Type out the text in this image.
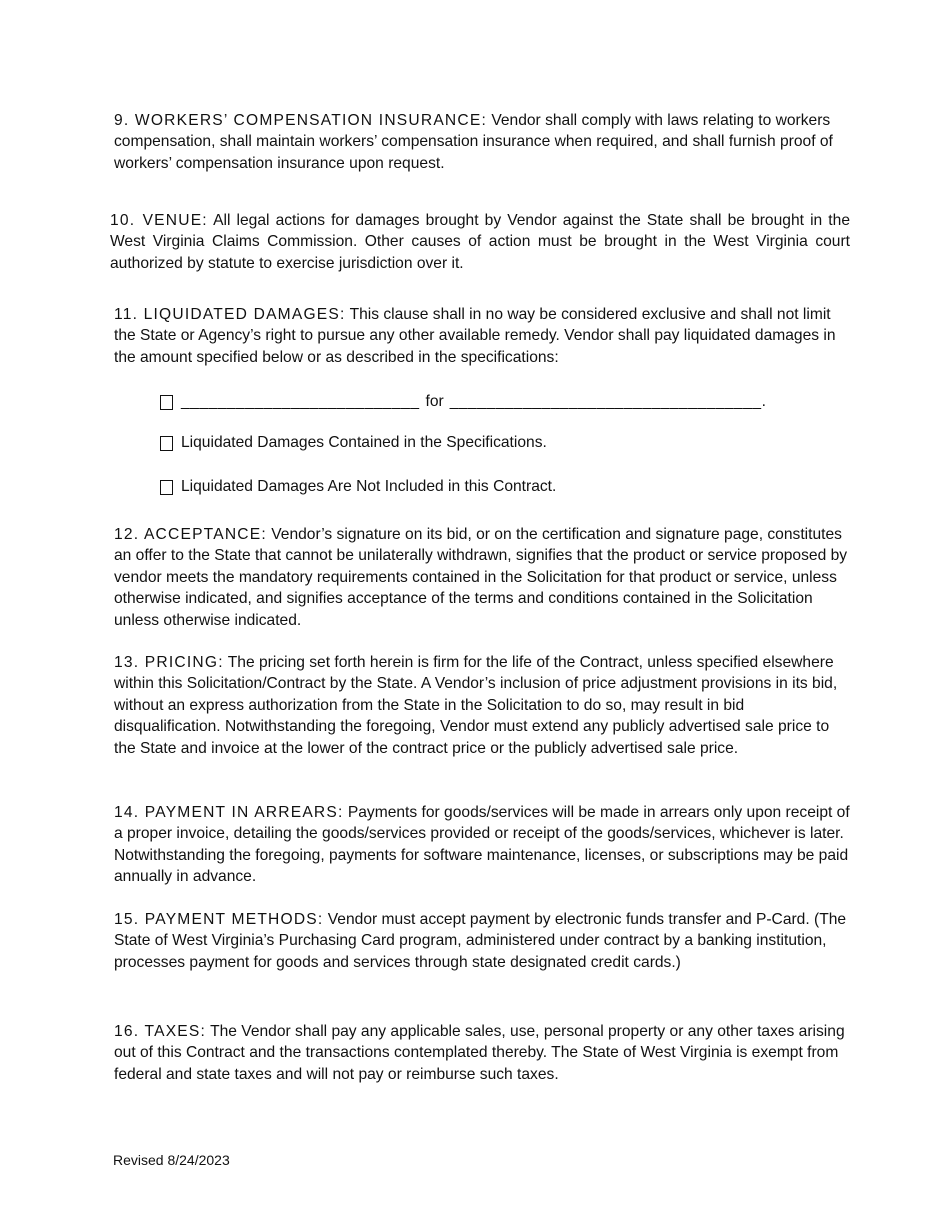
9. WORKERS’ COMPENSATION INSURANCE: Vendor shall comply with laws relating to workers compensation, shall maintain workers’ compensation insurance when required, and shall furnish proof of workers’ compensation insurance upon request.

10. VENUE: All legal actions for damages brought by Vendor against the State shall be brought in the West Virginia Claims Commission. Other causes of action must be brought in the West Virginia court authorized by statute to exercise jurisdiction over it.

11. LIQUIDATED DAMAGES: This clause shall in no way be considered exclusive and shall not limit the State or Agency’s right to pursue any other available remedy. Vendor shall pay liquidated damages in the amount specified below or as described in the specifications:

__________________________ for __________________________________.
Liquidated Damages Contained in the Specifications.
Liquidated Damages Are Not Included in this Contract.

12. ACCEPTANCE: Vendor’s signature on its bid, or on the certification and signature page, constitutes an offer to the State that cannot be unilaterally withdrawn, signifies that the product or service proposed by vendor meets the mandatory requirements contained in the Solicitation for that product or service, unless otherwise indicated, and signifies acceptance of the terms and conditions contained in the Solicitation unless otherwise indicated.

13. PRICING: The pricing set forth herein is firm for the life of the Contract, unless specified elsewhere within this Solicitation/Contract by the State. A Vendor’s inclusion of price adjustment provisions in its bid, without an express authorization from the State in the Solicitation to do so, may result in bid disqualification. Notwithstanding the foregoing, Vendor must extend any publicly advertised sale price to the State and invoice at the lower of the contract price or the publicly advertised sale price.

14. PAYMENT IN ARREARS: Payments for goods/services will be made in arrears only upon receipt of a proper invoice, detailing the goods/services provided or receipt of the goods/services, whichever is later. Notwithstanding the foregoing, payments for software maintenance, licenses, or subscriptions may be paid annually in advance.

15. PAYMENT METHODS: Vendor must accept payment by electronic funds transfer and P-Card. (The State of West Virginia’s Purchasing Card program, administered under contract by a banking institution, processes payment for goods and services through state designated credit cards.)

16. TAXES: The Vendor shall pay any applicable sales, use, personal property or any other taxes arising out of this Contract and the transactions contemplated thereby. The State of West Virginia is exempt from federal and state taxes and will not pay or reimburse such taxes.

Revised 8/24/2023
